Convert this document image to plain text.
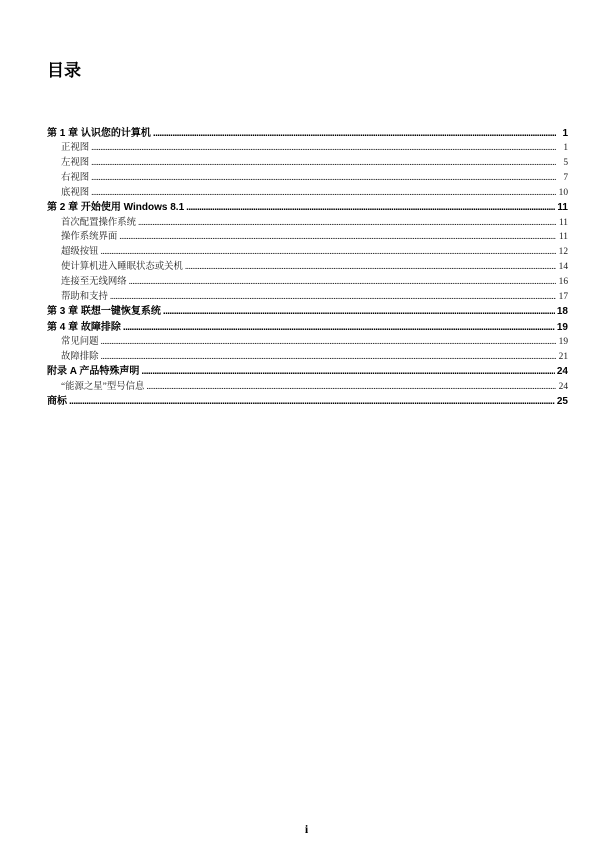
目录
第 1 章 认识您的计算机 . . .	1
正视图 . . .	1
左视图 . . .	5
右视图 . . .	7
底视图 . . .	10
第 2 章 开始使用 Windows 8.1 . . .	11
首次配置操作系统 . . .	11
操作系统界面 . . .	11
超级按钮 . . .	12
使计算机进入睡眠状态或关机 . . .	14
连接至无线网络 . . .	16
帮助和支持 . . .	17
第 3 章 联想一键恢复系统 . . .	18
第 4 章 故障排除 . . .	19
常见问题 . . .	19
故障排除 . . .	21
附录 A 产品特殊声明 . . .	24
“能源之星”型号信息 . . .	24
商标 . . .	25

i
